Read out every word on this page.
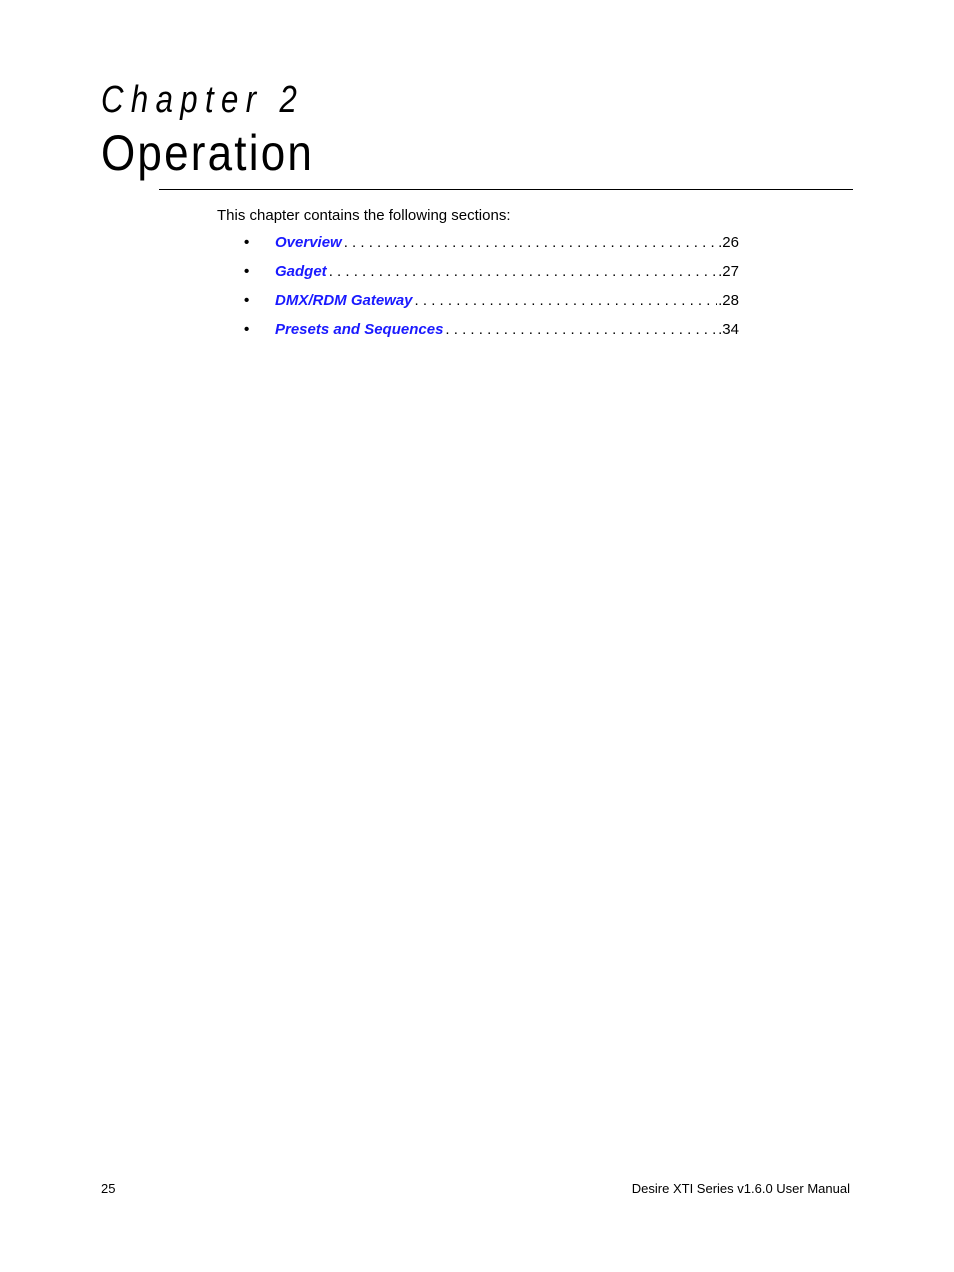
Chapter 2
Operation
This chapter contains the following sections:
• Overview . . .	.26
• Gadget . . .	.27
• DMX/RDM Gateway . . .	.28
• Presets and Sequences . . .	.34
25	Desire XTI Series v1.6.0 User Manual
